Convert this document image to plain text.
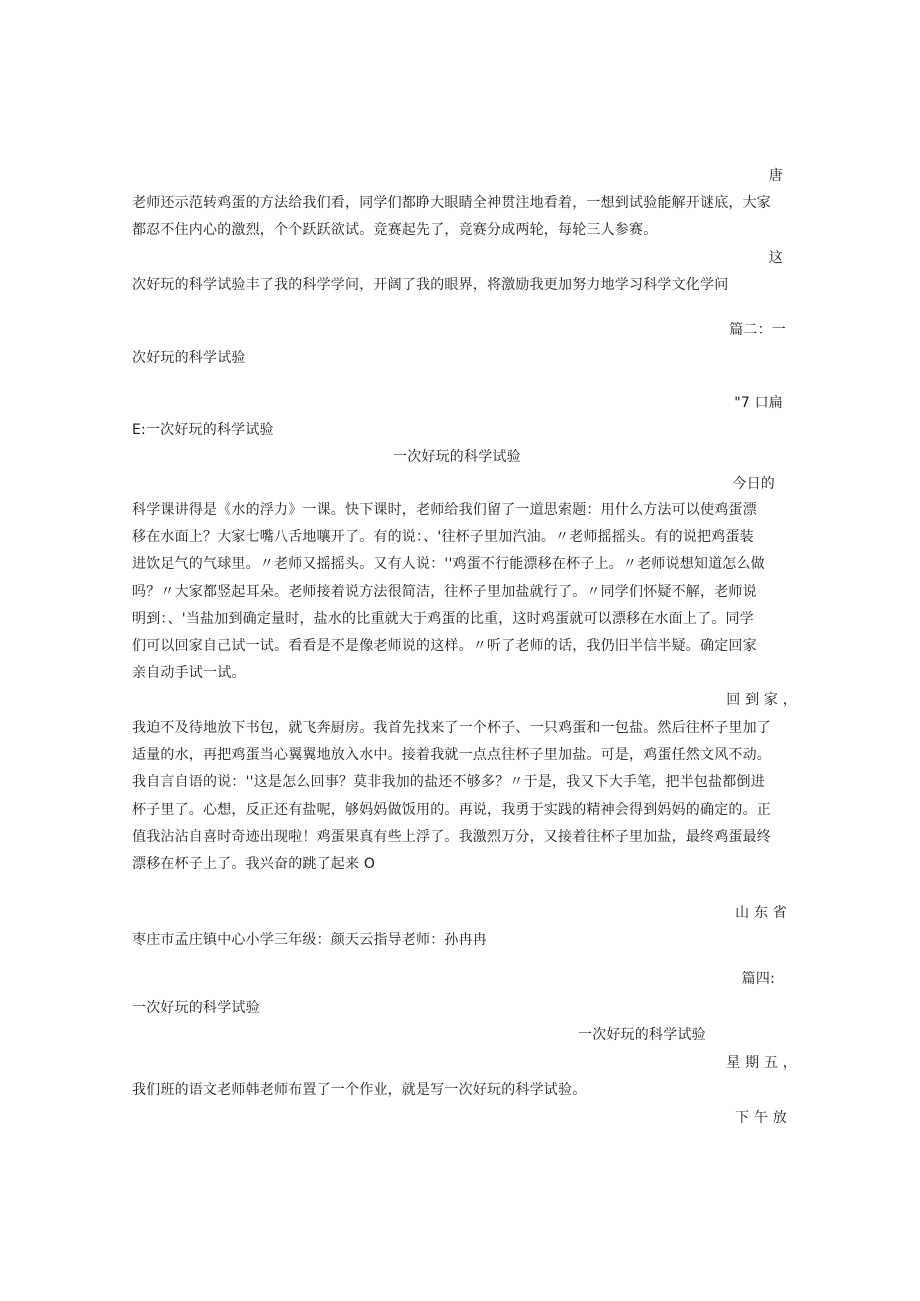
唐
老师还示范转鸡蛋的方法给我们看，同学们都睁大眼睛全神贯注地看着，一想到试验能解开谜底，大家
都忍不住内心的激烈，个个跃跃欲试。竞赛起先了，竞赛分成两轮，每轮三人参赛。
这
次好玩的科学试验丰了我的科学学问，开阔了我的眼界，将激励我更加努力地学习科学文化学问
篇二：一
次好玩的科学试验
"7 口扁
E:一次好玩的科学试验
一次好玩的科学试验
今日的
科学课讲得是《水的浮力》一课。快下课时，老师给我们留了一道思索题：用什么方法可以使鸡蛋漂
移在水面上？大家七嘴八舌地嚷开了。有的说：、'往杯子里加汽油。〃老师摇摇头。有的说把鸡蛋装
进饮足气的气球里。〃老师又摇摇头。又有人说：''鸡蛋不行能漂移在杯子上。〃老师说想知道怎么做
吗？〃大家都竖起耳朵。老师接着说方法很简洁，往杯子里加盐就行了。〃同学们怀疑不解，老师说
明到：、'当盐加到确定量时，盐水的比重就大于鸡蛋的比重，这时鸡蛋就可以漂移在水面上了。同学
们可以回家自己试一试。看看是不是像老师说的这样。〃听了老师的话，我仍旧半信半疑。确定回家
亲自动手试一试。
回 到 家 ，
我迫不及待地放下书包，就飞奔厨房。我首先找来了一个杯子、一只鸡蛋和一包盐。然后往杯子里加了
适量的水，再把鸡蛋当心翼翼地放入水中。接着我就一点点往杯子里加盐。可是，鸡蛋任然文风不动。
我自言自语的说：''这是怎么回事？莫非我加的盐还不够多？〃于是，我又下大手笔，把半包盐都倒进
杯子里了。心想，反正还有盐呢，够妈妈做饭用的。再说，我勇于实践的精神会得到妈妈的确定的。正
值我沾沾自喜时奇迹出现啦！鸡蛋果真有些上浮了。我激烈万分，又接着往杯子里加盐，最终鸡蛋最终
漂移在杯子上了。我兴奋的跳了起来 O
山 东 省
枣庄市孟庄镇中心小学三年级：颜天云指导老师：孙冉冉
篇四:
一次好玩的科学试验
一次好玩的科学试验
星 期 五 ，
我们班的语文老师韩老师布置了一个作业，就是写一次好玩的科学试验。
下 午 放
